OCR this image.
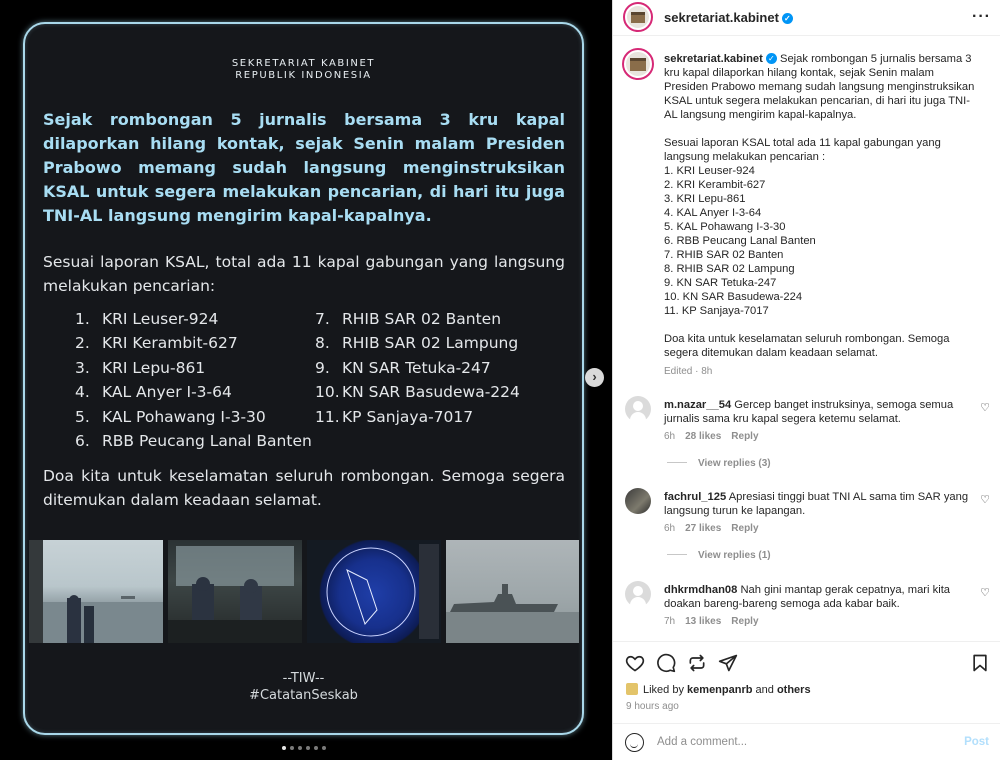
SEKRETARIAT KABINET
REPUBLIK INDONESIA
Sejak rombongan 5 jurnalis bersama 3 kru kapal dilaporkan hilang kontak, sejak Senin malam Presiden Prabowo memang sudah langsung menginstruksikan KSAL untuk segera melakukan pencarian, di hari itu juga TNI-AL langsung mengirim kapal-kapalnya.
Sesuai laporan KSAL, total ada 11 kapal gabungan yang langsung melakukan pencarian:
1. KRI Leuser-924
2. KRI Kerambit-627
3. KRI Lepu-861
4. KAL Anyer I-3-64
5. KAL Pohawang I-3-30
6. RBB Peucang Lanal Banten
7. RHIB SAR 02 Banten
8. RHIB SAR 02 Lampung
9. KN SAR Tetuka-247
10. KN SAR Basudewa-224
11. KP Sanjaya-7017
Doa kita untuk keselamatan seluruh rombongan. Semoga segera ditemukan dalam keadaan selamat.
--TIW--
#CatatanSeskab
›
sekretariat.kabinet ✓	···

sekretariat.kabinet ✓ Sejak rombongan 5 jurnalis bersama 3 kru kapal dilaporkan hilang kontak, sejak Senin malam Presiden Prabowo memang sudah langsung menginstruksikan KSAL untuk segera melakukan pencarian, di hari itu juga TNI-AL langsung mengirim kapal-kapalnya.

Sesuai laporan KSAL total ada 11 kapal gabungan yang langsung melakukan pencarian :

1. KRI Leuser-924
2. KRI Kerambit-627
3. KRI Lepu-861
4. KAL Anyer I-3-64
5. KAL Pohawang I-3-30
6. RBB Peucang Lanal Banten
7. RHIB SAR 02 Banten
8. RHIB SAR 02 Lampung
9. KN SAR Tetuka-247
10. KN SAR Basudewa-224
11. KP Sanjaya-7017

Doa kita untuk keselamatan seluruh rombongan. Semoga segera ditemukan dalam keadaan selamat.

Edited · 8h
m.nazar__54 Gercep banget instruksinya, semoga semua jurnalis sama kru kapal segera ketemu selamat.
♡
6h 28 likes Reply
View replies (3)
fachrul_125 Apresiasi tinggi buat TNI AL sama tim SAR yang langsung turun ke lapangan.
♡
6h 27 likes Reply
View replies (1)
dhkrmdhan08 Nah gini mantap gerak cepatnya, mari kita doakan bareng-bareng semoga ada kabar baik.
♡
7h 13 likes Reply
Liked by kemenpanrb and others
9 hours ago
Add a comment...
Post
